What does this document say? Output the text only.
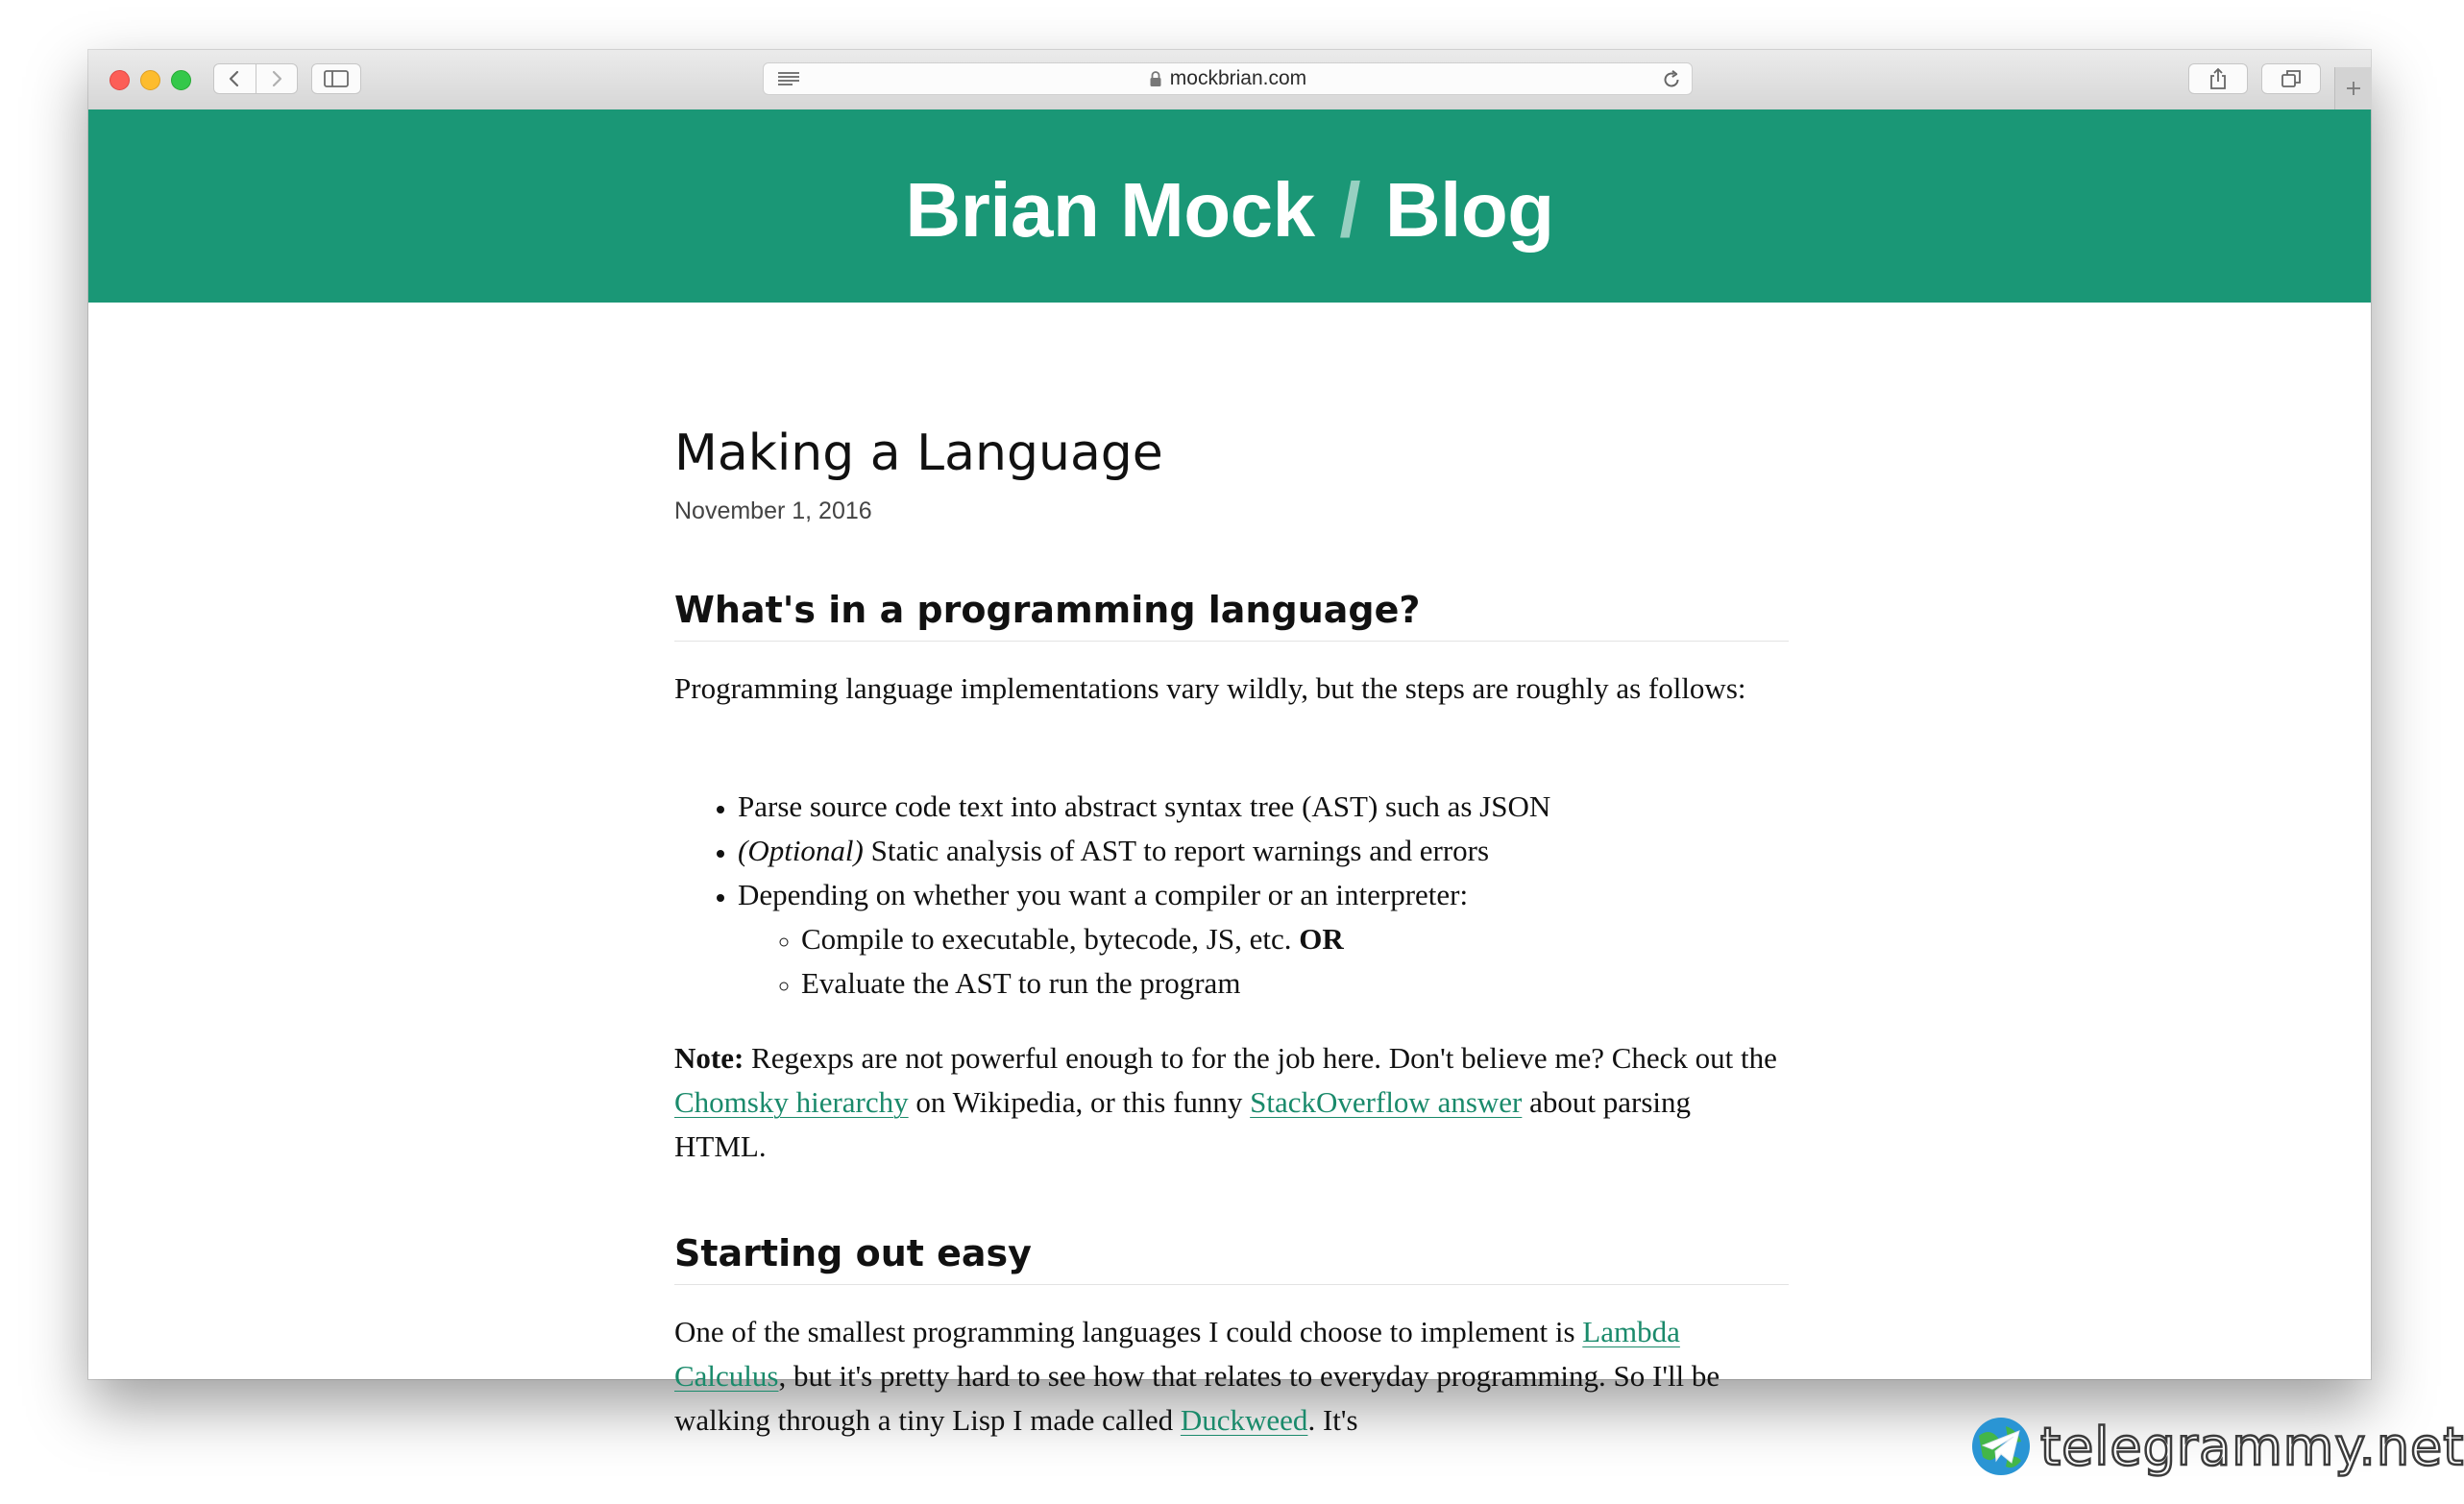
mockbrian.com
Brian Mock / Blog
Making a Language
November 1, 2016
What's in a programming language?

Programming language implementations vary wildly, but the steps are roughly as follows:

• Parse source code text into abstract syntax tree (AST) such as JSON
• (Optional) Static analysis of AST to report warnings and errors
• Depending on whether you want a compiler or an interpreter:
◦ Compile to executable, bytecode, JS, etc. OR
◦ Evaluate the AST to run the program

Note: Regexps are not powerful enough to for the job here. Don't believe me? Check out the Chomsky hierarchy on Wikipedia, or this funny StackOverflow answer about parsing HTML.

Starting out easy

One of the smallest programming languages I could choose to implement is Lambda Calculus, but it's pretty hard to see how that relates to everyday programming. So I'll be walking through a tiny Lisp I made called Duckweed. It's	telegrammy.net
